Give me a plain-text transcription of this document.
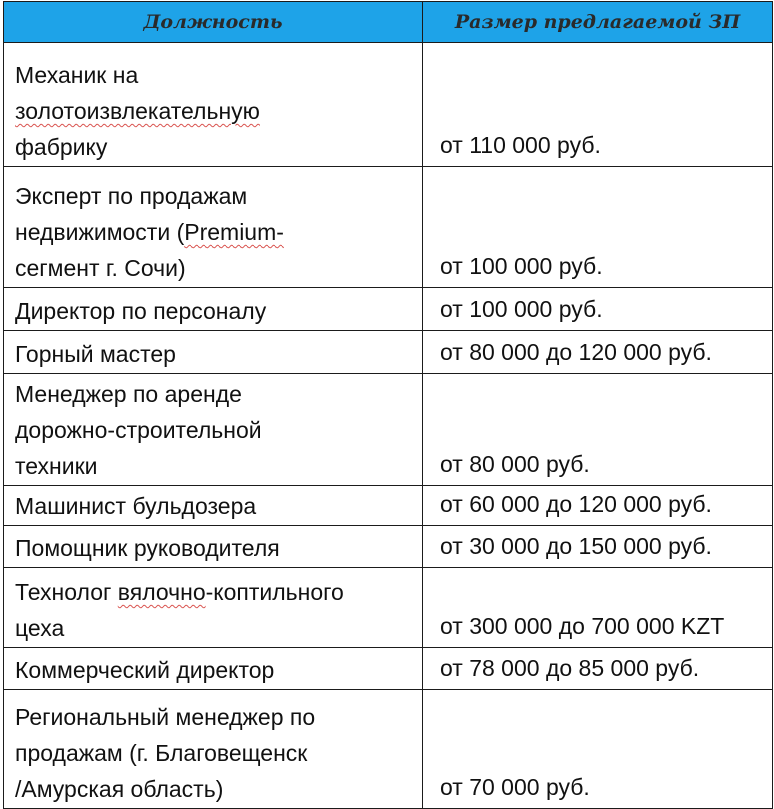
Должность	Размер предлагаемой ЗП

Механик на
золотоизвлекательную
фабрику	от 110 000 руб.

Эксперт по продажам
недвижимости (Premium-
сегмент г. Сочи)	от 100 000 руб.
Директор по персоналу	от 100 000 руб.
Горный мастер	от 80 000 до 120 000 руб.

Менеджер по аренде
дорожно-строительной
техники	от 80 000 руб.
Машинист бульдозера	от 60 000 до 120 000 руб.
Помощник руководителя	от 30 000 до 150 000 руб.

Технолог вялочно-коптильного
цеха	от 300 000 до 700 000 KZT
Коммерческий директор	от 78 000 до 85 000 руб.

Региональный менеджер по
продажам (г. Благовещенск
/Амурская область)	от 70 000 руб.
